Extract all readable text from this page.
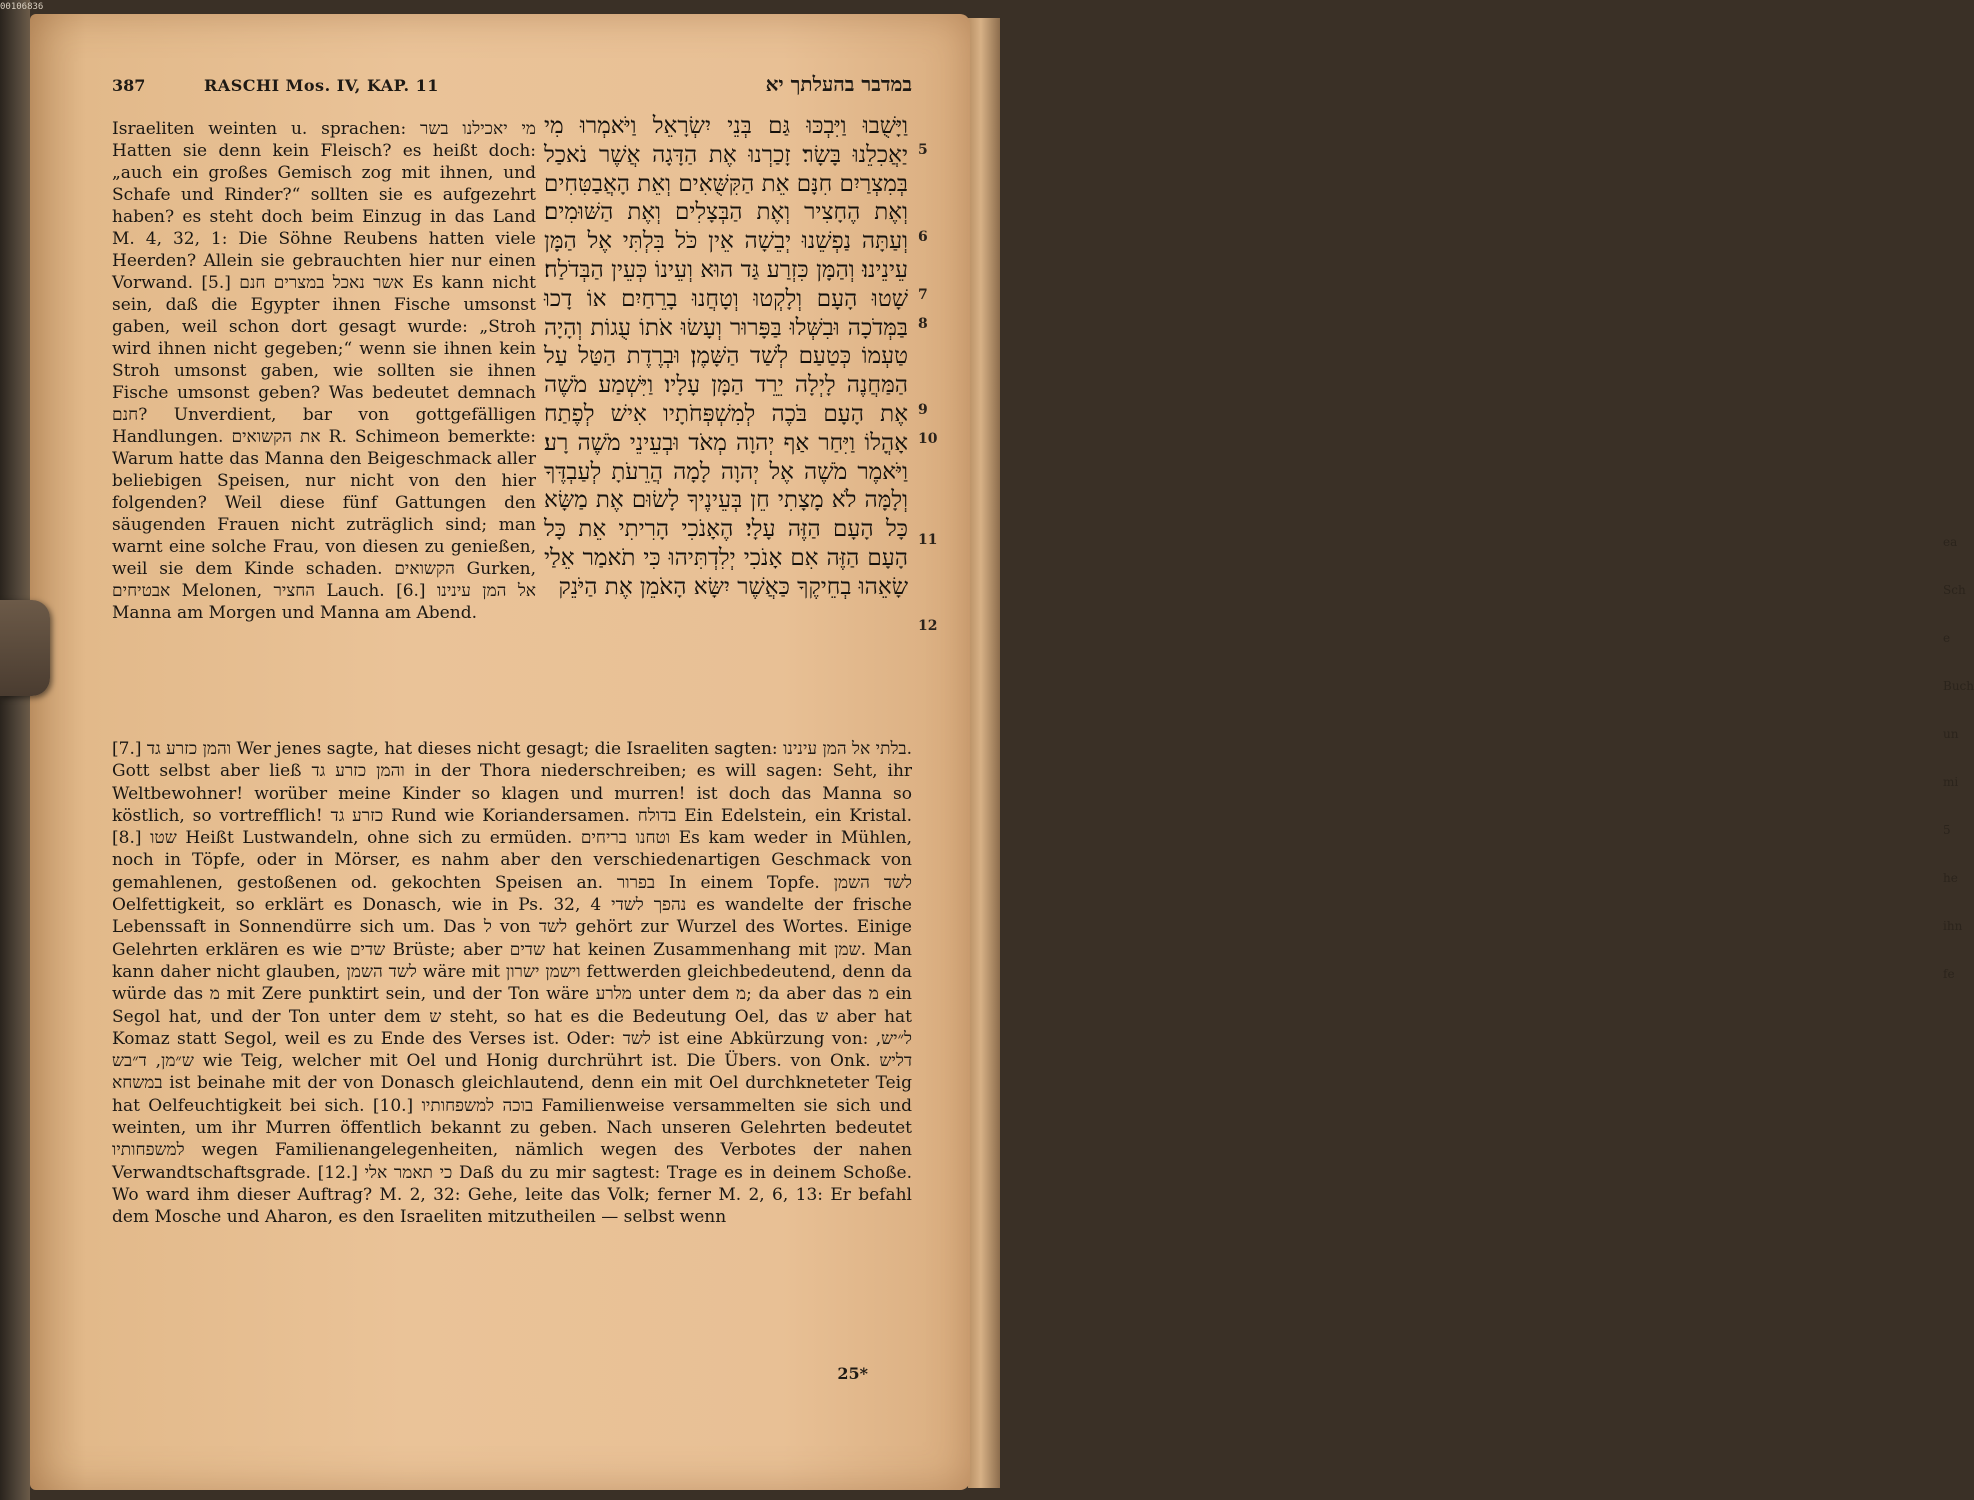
00106836
ea
Sch
e
Buch
un
mi
5
he
ihn
fe
387	RASCHI Mos. IV, KAP. 11	במדבר בהעלתך יא

Israeliten weinten u. sprachen: מי יאכילנו בשר Hatten sie denn kein Fleisch? es heißt doch: „auch ein großes Gemisch zog mit ihnen, und Schafe und Rinder?“ sollten sie es aufgezehrt haben? es steht doch beim Einzug in das Land M. 4, 32, 1: Die Söhne Reubens hatten viele Heerden? Allein sie gebrauchten hier nur einen Vorwand. [5.] אשר נאכל במצרים חנם Es kann nicht sein, daß die Egypter ihnen Fische umsonst gaben, weil schon dort gesagt wurde: „Stroh wird ihnen nicht gegeben;“ wenn sie ihnen kein Stroh umsonst gaben, wie sollten sie ihnen Fische umsonst geben? Was bedeutet demnach חנם? Unverdient, bar von gottgefälligen Handlungen. את הקשואים R. Schimeon bemerkte: Warum hatte das Manna den Beigeschmack aller beliebigen Speisen, nur nicht von den hier folgenden? Weil diese fünf Gattungen den säugenden Frauen nicht zuträglich sind; man warnt eine solche Frau, von diesen zu genießen, weil sie dem Kinde schaden. הקשואים Gurken, אבטיחים Melonen, החציר Lauch. [6.] אל המן עינינו Manna am Morgen und Manna am Abend.

וַיָּשֻׁבוּ וַיִּבְכּוּ גַּם בְּנֵי יִשְׂרָאֵל וַיֹּאמְרוּ מִי יַאֲכִלֵנוּ בָּשָׂר׃ זָכַרְנוּ אֶת הַדָּגָה אֲשֶׁר נֹאכַל בְּמִצְרַיִם חִנָּם אֵת הַקִּשֻּׁאִים וְאֵת הָאֲבַטִּחִים וְאֶת הֶחָצִיר וְאֶת הַבְּצָלִים וְאֶת הַשּׁוּמִים׃ וְעַתָּה נַפְשֵׁנוּ יְבֵשָׁה אֵין כֹּל בִּלְתִּי אֶל הַמָּן עֵינֵינוּ׃ וְהַמָּן כִּזְרַע גַּד הוּא וְעֵינוֹ כְּעֵין הַבְּדֹלַח׃ שָׁטוּ הָעָם וְלָקְטוּ וְטָחֲנוּ בָרֵחַיִם אוֹ דָכוּ בַּמְּדֹכָה וּבִשְּׁלוּ בַּפָּרוּר וְעָשׂוּ אֹתוֹ עֻגוֹת וְהָיָה טַעְמוֹ כְּטַעַם לְשַׁד הַשָּׁמֶן׃ וּבְרֶדֶת הַטַּל עַל הַמַּחֲנֶה לָיְלָה יֵרֵד הַמָּן עָלָיו׃ וַיִּשְׁמַע מֹשֶׁה אֶת הָעָם בֹּכֶה לְמִשְׁפְּחֹתָיו אִישׁ לְפֶתַח אָהֳלוֹ וַיִּחַר אַף יְהוָה מְאֹד וּבְעֵינֵי מֹשֶׁה רָע׃ וַיֹּאמֶר מֹשֶׁה אֶל יְהוָה לָמָה הֲרֵעֹתָ לְעַבְדֶּךָ וְלָמָּה לֹא מָצָתִי חֵן בְּעֵינֶיךָ לָשׂוּם אֶת מַשָּׂא כָּל הָעָם הַזֶּה עָלָי׃ הֶאָנֹכִי הָרִיתִי אֵת כָּל הָעָם הַזֶּה אִם אָנֹכִי יְלִדְתִּיהוּ כִּי תֹאמַר אֵלַי שָׂאֵהוּ בְחֵיקֶךָ כַּאֲשֶׁר יִשָּׂא הָאֹמֵן אֶת הַיֹּנֵק

5
6
7
8
9
10
11
12

[7.] והמן כזרע גד Wer jenes sagte, hat dieses nicht gesagt; die Israeliten sagten: בלתי אל המן עינינו. Gott selbst aber ließ והמן כזרע גד in der Thora niederschreiben; es will sagen: Seht, ihr Weltbewohner! worüber meine Kinder so klagen und murren! ist doch das Manna so köstlich, so vortrefflich! כזרע גד Rund wie Koriandersamen. בדולח Ein Edelstein, ein Kristal. [8.] שטו Heißt Lustwandeln, ohne sich zu ermüden. וטחנו בריחים Es kam weder in Mühlen, noch in Töpfe, oder in Mörser, es nahm aber den verschiedenartigen Geschmack von gemahlenen, gestoßenen od. gekochten Speisen an. בפרור In einem Topfe. לשד השמן Oelfettigkeit, so erklärt es Donasch, wie in Ps. 32, 4 נהפך לשדי es wandelte der frische Lebenssaft in Sonnendürre sich um. Das ל von לשד gehört zur Wurzel des Wortes. Einige Gelehrten erklären es wie שדים Brüste; aber שדים hat keinen Zusammenhang mit שמן. Man kann daher nicht glauben, לשד השמן wäre mit וישמן ישרון fettwerden gleichbedeutend, denn da würde das מ mit Zere punktirt sein, und der Ton wäre מלרע unter dem מ; da aber das מ ein Segol hat, und der Ton unter dem ש steht, so hat es die Bedeutung Oel, das ש aber hat Komaz statt Segol, weil es zu Ende des Verses ist. Oder: לשד ist eine Abkürzung von: ל״יש, ש״מן, ד״בש wie Teig, welcher mit Oel und Honig durchrührt ist. Die Übers. von Onk. דליש במשחא ist beinahe mit der von Donasch gleichlautend, denn ein mit Oel durchkneteter Teig hat Oelfeuchtigkeit bei sich. [10.] בוכה למשפחותיו Familienweise versammelten sie sich und weinten, um ihr Murren öffentlich bekannt zu geben. Nach unseren Gelehrten bedeutet למשפחותיו wegen Familienangelegenheiten, nämlich wegen des Verbotes der nahen Verwandtschaftsgrade. [12.] כי תאמר אלי Daß du zu mir sagtest: Trage es in deinem Schoße. Wo ward ihm dieser Auftrag? M. 2, 32: Gehe, leite das Volk; ferner M. 2, 6, 13: Er befahl dem Mosche und Aharon, es den Israeliten mitzutheilen — selbst wenn

25*
